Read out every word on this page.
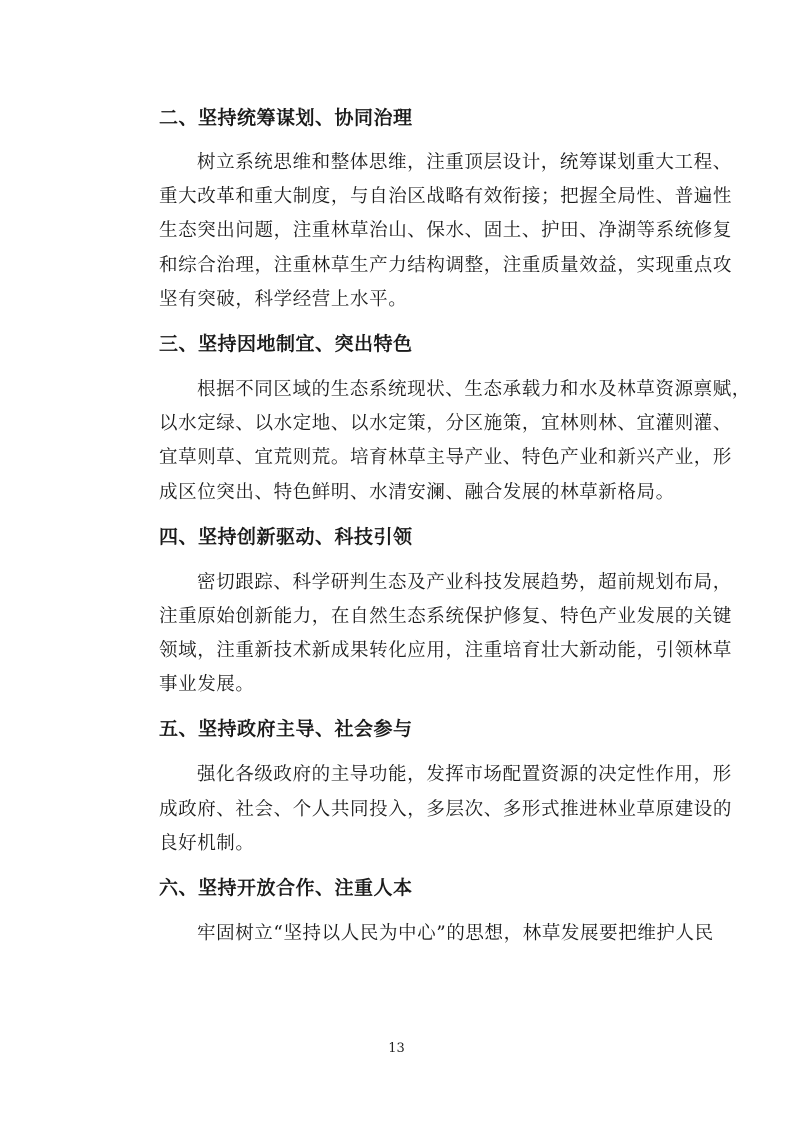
二、坚持统筹谋划、协同治理
树立系统思维和整体思维，注重顶层设计，统筹谋划重大工程、
重大改革和重大制度，与自治区战略有效衔接；把握全局性、普遍性
生态突出问题，注重林草治山、保水、固土、护田、净湖等系统修复
和综合治理，注重林草生产力结构调整，注重质量效益，实现重点攻
坚有突破，科学经营上水平。
三、坚持因地制宜、突出特色
根据不同区域的生态系统现状、生态承载力和水及林草资源禀赋，
以水定绿、以水定地、以水定策，分区施策，宜林则林、宜灌则灌、
宜草则草、宜荒则荒。培育林草主导产业、特色产业和新兴产业，形
成区位突出、特色鲜明、水清安澜、融合发展的林草新格局。
四、坚持创新驱动、科技引领
密切跟踪、科学研判生态及产业科技发展趋势，超前规划布局，
注重原始创新能力，在自然生态系统保护修复、特色产业发展的关键
领域，注重新技术新成果转化应用，注重培育壮大新动能，引领林草
事业发展。
五、坚持政府主导、社会参与
强化各级政府的主导功能，发挥市场配置资源的决定性作用，形
成政府、社会、个人共同投入，多层次、多形式推进林业草原建设的
良好机制。
六、坚持开放合作、注重人本
牢固树立“坚持以人民为中心”的思想，林草发展要把维护人民
13
